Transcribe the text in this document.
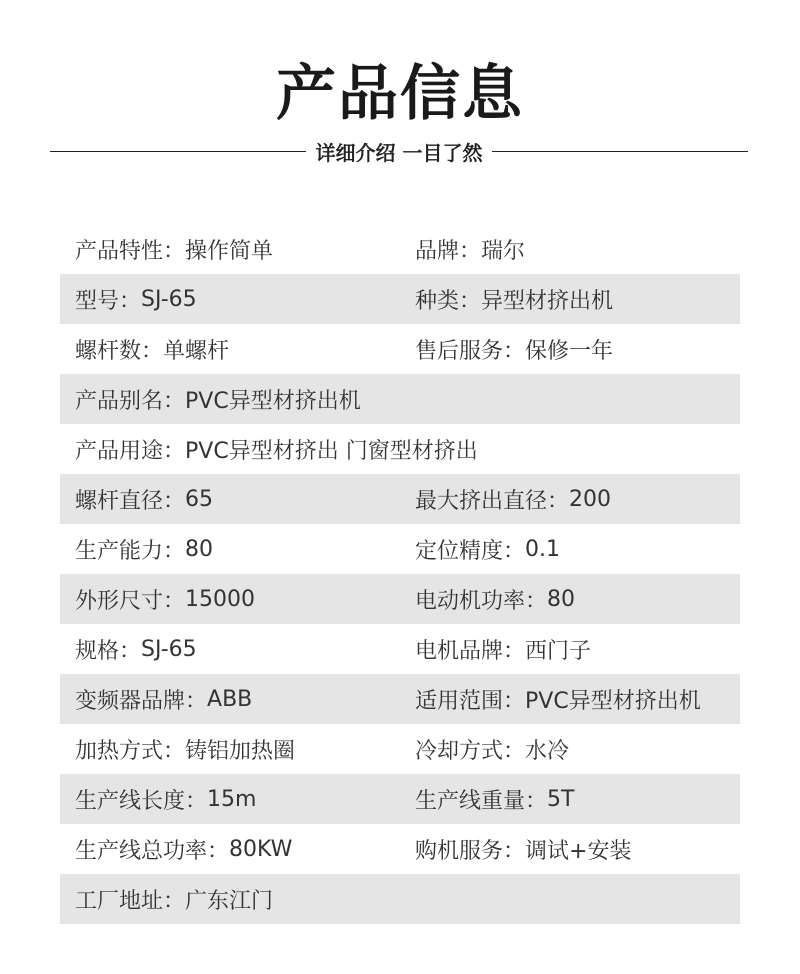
产品信息
详细介绍 一目了然
产品特性 ： 操作简单	品牌 ： 瑞尔
型号 ： SJ-65	种类 ： 异型材挤出机
螺杆数 ： 单螺杆	售后服务 ： 保修一年
产品别名 ： PVC异型材挤出机
产品用途 ： PVC异型材挤出 门窗型材挤出
螺杆直径 ： 65	最大挤出直径 ： 200
生产能力 ： 80	定位精度 ： 0.1
外形尺寸 ： 15000	电动机功率 ： 80
规格 ： SJ-65	电机品牌 ： 西门子
变频器品牌 ： ABB	适用范围 ： PVC异型材挤出机
加热方式 ： 铸铝加热圈	冷却方式 ： 水冷
生产线长度 ： 15m	生产线重量 ： 5T
生产线总功率 ： 80KW	购机服务 ： 调试+安装
工厂地址 ： 广东江门
